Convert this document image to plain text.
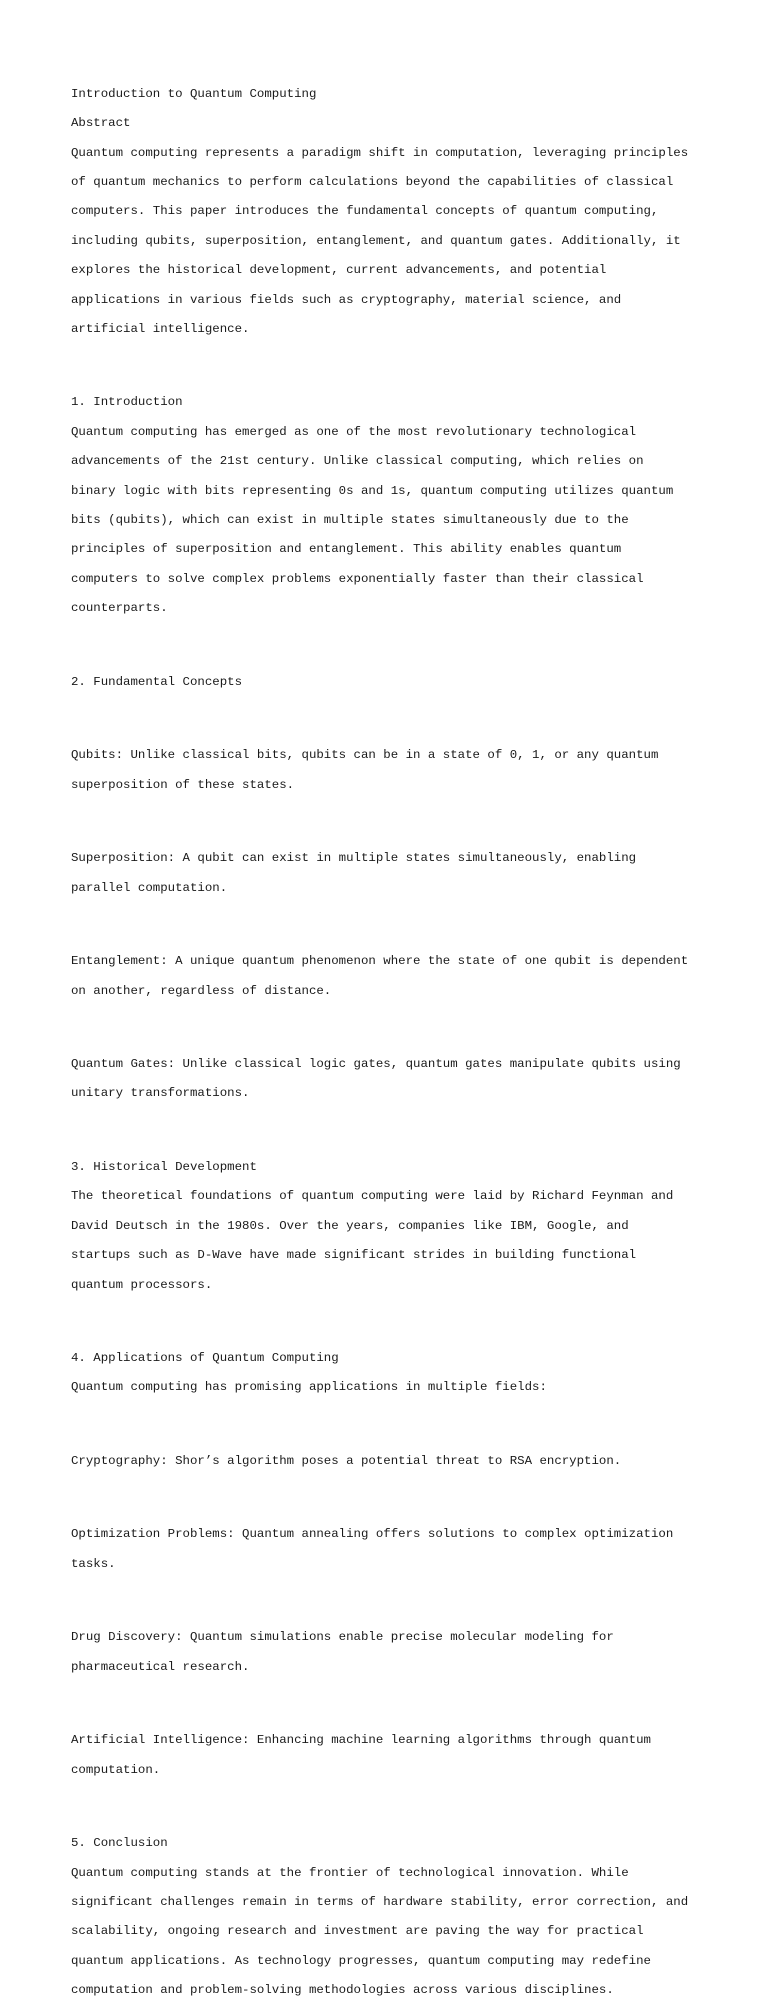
Introduction to Quantum Computing

Abstract

Quantum computing represents a paradigm shift in computation, leveraging principles

of quantum mechanics to perform calculations beyond the capabilities of classical

computers. This paper introduces the fundamental concepts of quantum computing,

including qubits, superposition, entanglement, and quantum gates. Additionally, it

explores the historical development, current advancements, and potential

applications in various fields such as cryptography, material science, and

artificial intelligence.

1. Introduction

Quantum computing has emerged as one of the most revolutionary technological

advancements of the 21st century. Unlike classical computing, which relies on

binary logic with bits representing 0s and 1s, quantum computing utilizes quantum

bits (qubits), which can exist in multiple states simultaneously due to the

principles of superposition and entanglement. This ability enables quantum

computers to solve complex problems exponentially faster than their classical

counterparts.

2. Fundamental Concepts

Qubits: Unlike classical bits, qubits can be in a state of 0, 1, or any quantum

superposition of these states.

Superposition: A qubit can exist in multiple states simultaneously, enabling

parallel computation.

Entanglement: A unique quantum phenomenon where the state of one qubit is dependent

on another, regardless of distance.

Quantum Gates: Unlike classical logic gates, quantum gates manipulate qubits using

unitary transformations.

3. Historical Development

The theoretical foundations of quantum computing were laid by Richard Feynman and

David Deutsch in the 1980s. Over the years, companies like IBM, Google, and

startups such as D-Wave have made significant strides in building functional

quantum processors.

4. Applications of Quantum Computing

Quantum computing has promising applications in multiple fields:

Cryptography: Shor’s algorithm poses a potential threat to RSA encryption.

Optimization Problems: Quantum annealing offers solutions to complex optimization

tasks.

Drug Discovery: Quantum simulations enable precise molecular modeling for

pharmaceutical research.

Artificial Intelligence: Enhancing machine learning algorithms through quantum

computation.

5. Conclusion

Quantum computing stands at the frontier of technological innovation. While

significant challenges remain in terms of hardware stability, error correction, and

scalability, ongoing research and investment are paving the way for practical

quantum applications. As technology progresses, quantum computing may redefine

computation and problem-solving methodologies across various disciplines.
